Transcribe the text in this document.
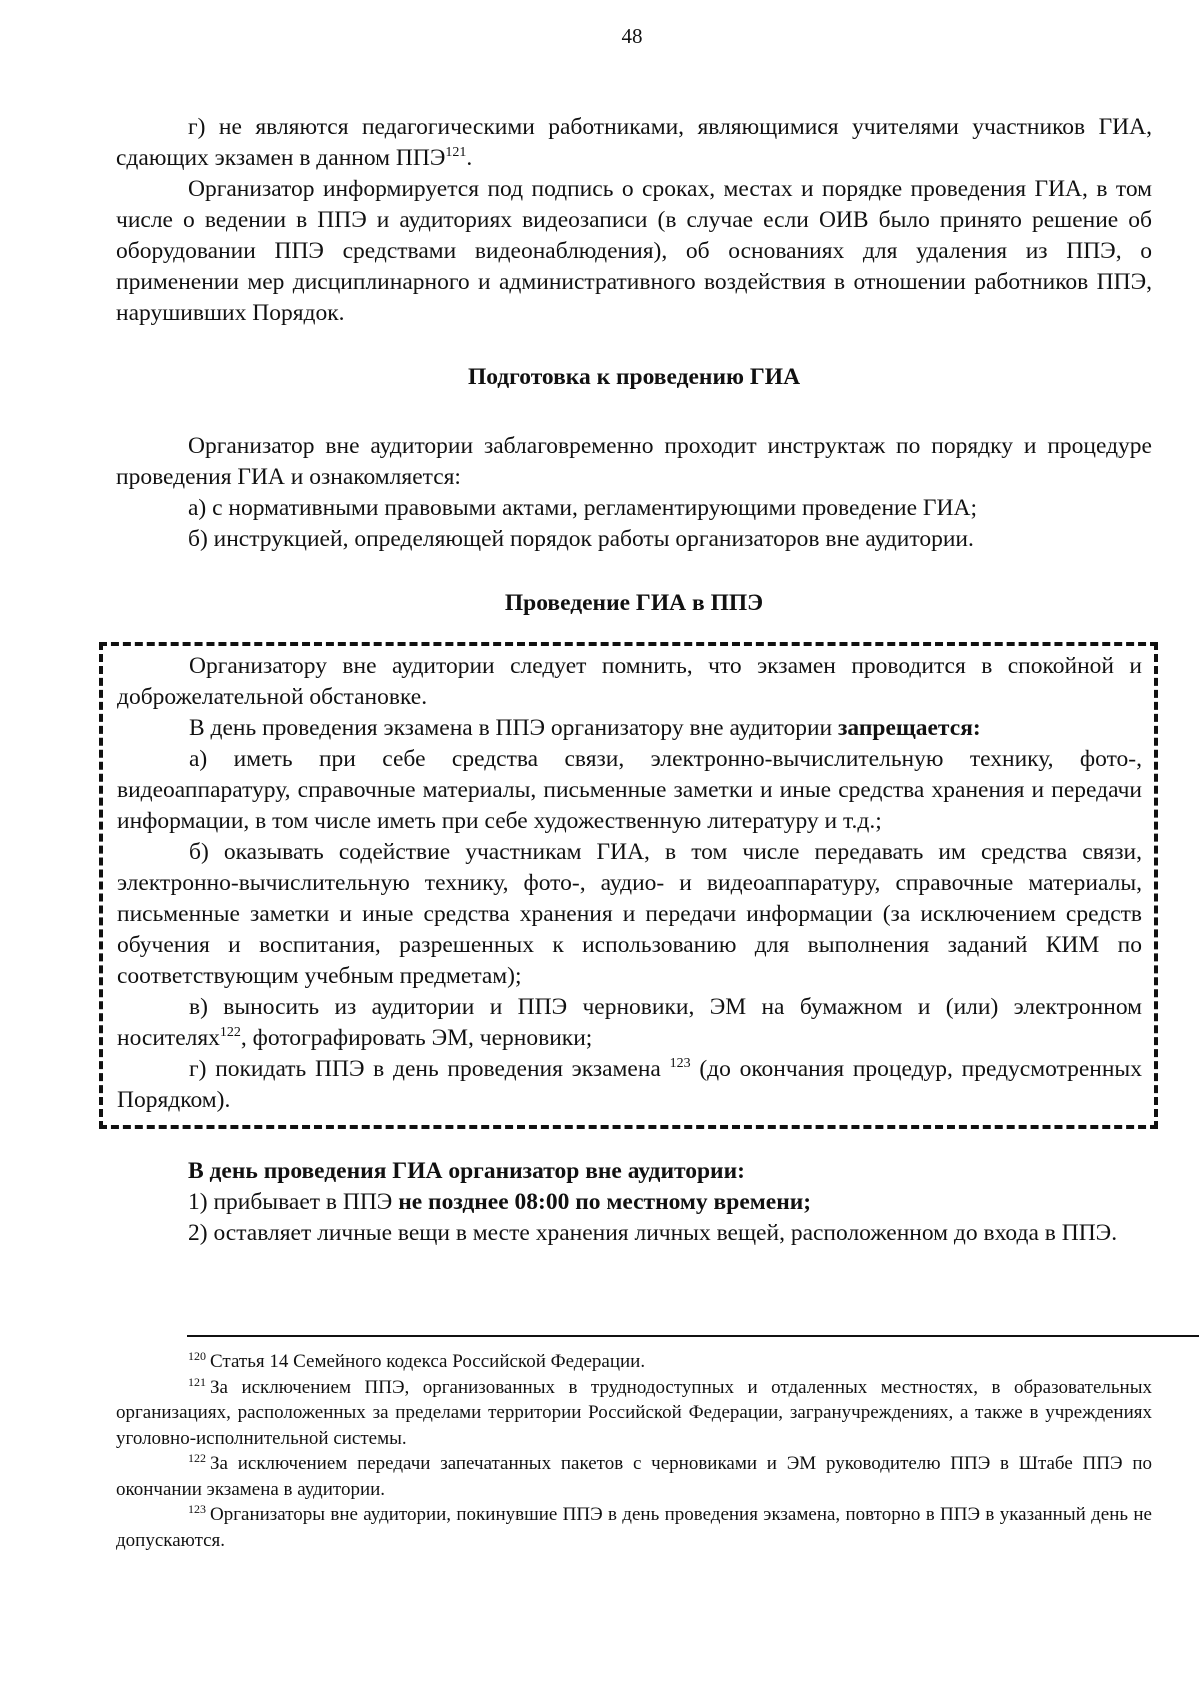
48

г) не являются педагогическими работниками, являющимися учителями участников ГИА, сдающих экзамен в данном ППЭ$^{121}$.

Организатор информируется под подпись о сроках, местах и порядке проведения ГИА, в том числе о ведении в ППЭ и аудиториях видеозаписи (в случае если ОИВ было принято решение об оборудовании ППЭ средствами видеонаблюдения), об основаниях для удаления из ППЭ, о применении мер дисциплинарного и административного воздействия в отношении работников ППЭ, нарушивших Порядок.

Подготовка к проведению ГИА

Организатор вне аудитории заблаговременно проходит инструктаж по порядку и процедуре проведения ГИА и ознакомляется:

а) с нормативными правовыми актами, регламентирующими проведение ГИА;

б) инструкцией, определяющей порядок работы организаторов вне аудитории.

Проведение ГИА в ППЭ

Организатору вне аудитории следует помнить, что экзамен проводится в спокойной и доброжелательной обстановке.

В день проведения экзамена в ППЭ организатору вне аудитории запрещается:

а) иметь при себе средства связи, электронно-вычислительную технику, фото-, видеоаппаратуру, справочные материалы, письменные заметки и иные средства хранения и передачи информации, в том числе иметь при себе художественную литературу и т.д.;

б) оказывать содействие участникам ГИА, в том числе передавать им средства связи, электронно-вычислительную технику, фото-, аудио- и видеоаппаратуру, справочные материалы, письменные заметки и иные средства хранения и передачи информации (за исключением средств обучения и воспитания, разрешенных к использованию для выполнения заданий КИМ по соответствующим учебным предметам);

в) выносить из аудитории и ППЭ черновики, ЭМ на бумажном и (или) электронном носителях$^{122}$, фотографировать ЭМ, черновики;

г) покидать ППЭ в день проведения экзамена $^{123}$ (до окончания процедур, предусмотренных Порядком).

В день проведения ГИА организатор вне аудитории:

1) прибывает в ППЭ не позднее 08:00 по местному времени;

2) оставляет личные вещи в месте хранения личных вещей, расположенном до входа в ППЭ.

$^{120}$ Статья 14 Семейного кодекса Российской Федерации.

$^{121}$ За исключением ППЭ, организованных в труднодоступных и отдаленных местностях, в образовательных организациях, расположенных за пределами территории Российской Федерации, загранучреждениях, а также в учреждениях уголовно-исполнительной системы.

$^{122}$ За исключением передачи запечатанных пакетов с черновиками и ЭМ руководителю ППЭ в Штабе ППЭ по окончании экзамена в аудитории.

$^{123}$ Организаторы вне аудитории, покинувшие ППЭ в день проведения экзамена, повторно в ППЭ в указанный день не допускаются.
